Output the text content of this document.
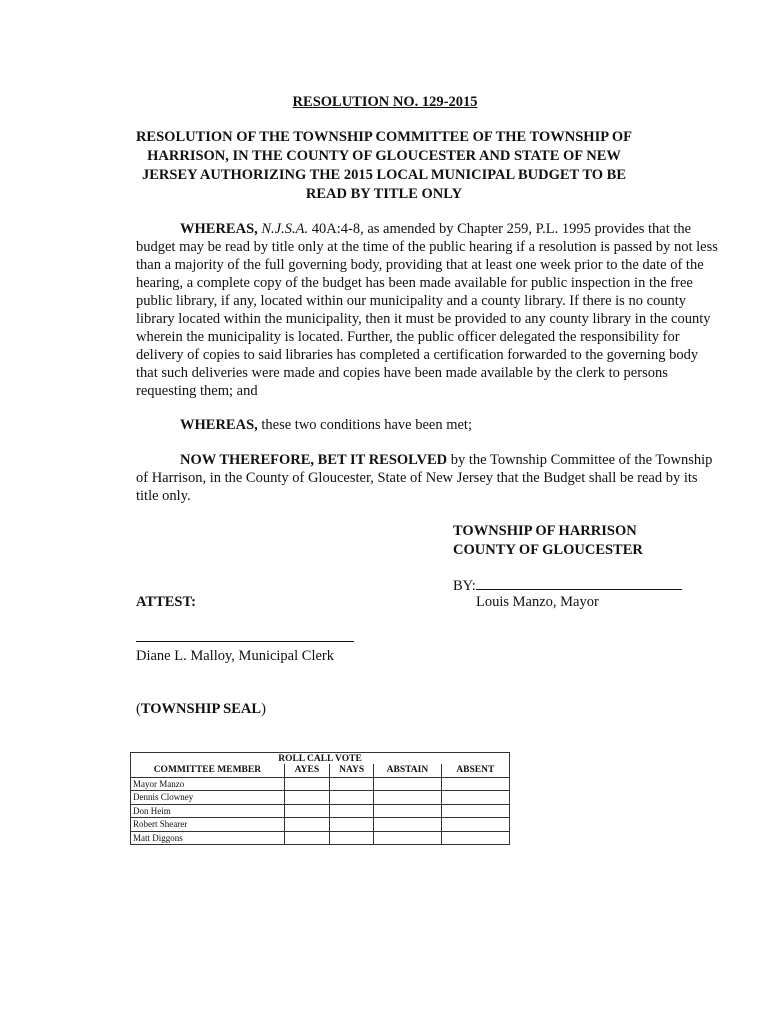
RESOLUTION NO. 129-2015
RESOLUTION OF THE TOWNSHIP COMMITTEE OF THE TOWNSHIP OF HARRISON, IN THE COUNTY OF GLOUCESTER AND STATE OF NEW JERSEY AUTHORIZING THE 2015 LOCAL MUNICIPAL BUDGET TO BE READ BY TITLE ONLY
WHEREAS, N.J.S.A. 40A:4-8, as amended by Chapter 259, P.L. 1995 provides that the budget may be read by title only at the time of the public hearing if a resolution is passed by not less than a majority of the full governing body, providing that at least one week prior to the date of the hearing, a complete copy of the budget has been made available for public inspection in the free public library, if any, located within our municipality and a county library. If there is no county library located within the municipality, then it must be provided to any county library in the county wherein the municipality is located. Further, the public officer delegated the responsibility for delivery of copies to said libraries has completed a certification forwarded to the governing body that such deliveries were made and copies have been made available by the clerk to persons requesting them; and
WHEREAS, these two conditions have been met;
NOW THEREFORE, BET IT RESOLVED by the Township Committee of the Township of Harrison, in the County of Gloucester, State of New Jersey that the Budget shall be read by its title only.
TOWNSHIP OF HARRISON
COUNTY OF GLOUCESTER
BY:
Louis Manzo, Mayor
ATTEST:
Diane L. Malloy, Municipal Clerk
(TOWNSHIP SEAL)
ROLL CALL VOTE				
COMMITTEE MEMBER	AYES	NAYS	ABSTAIN	ABSENT
Mayor Manzo				
Dennis Clowney				
Don Heim				
Robert Shearer				
Matt Diggons				
